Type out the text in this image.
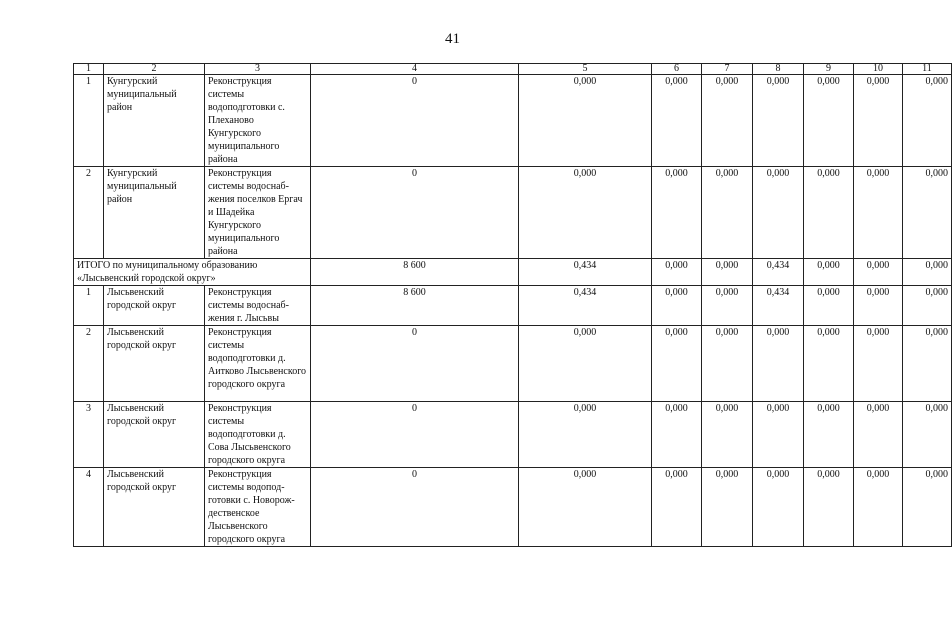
41
1	2	3	4	5	6	7	8	9	10	11
1	Кунгурский муниципальный район	Реконструкция системы водоподготовки с. Плеханово Кунгурского муниципального района	0	0,000	0,000	0,000	0,000	0,000	0,000	0,000
2	Кунгурский муниципальный район	Реконструкция системы водоснаб-жения поселков Ергач и Шадейка Кунгурского муниципального района	0	0,000	0,000	0,000	0,000	0,000	0,000	0,000
ИТОГО по муниципальному образованию «Лысьвенский городской округ»			8 600	0,434	0,000	0,000	0,434	0,000	0,000	0,000
1	Лысьвенский городской округ	Реконструкция системы водоснаб-жения г. Лысьвы	8 600	0,434	0,000	0,000	0,434	0,000	0,000	0,000
2	Лысьвенский городской округ	Реконструкция системы водоподготовки д. Аитково Лысьвенского городского округа	0	0,000	0,000	0,000	0,000	0,000	0,000	0,000
3	Лысьвенский городской округ	Реконструкция системы водоподготовки д. Сова Лысьвенского городского округа	0	0,000	0,000	0,000	0,000	0,000	0,000	0,000
4	Лысьвенский городской округ	Реконструкция системы водопод-готовки с. Новорож-дественское Лысьвенского городского округа	0	0,000	0,000	0,000	0,000	0,000	0,000	0,000
